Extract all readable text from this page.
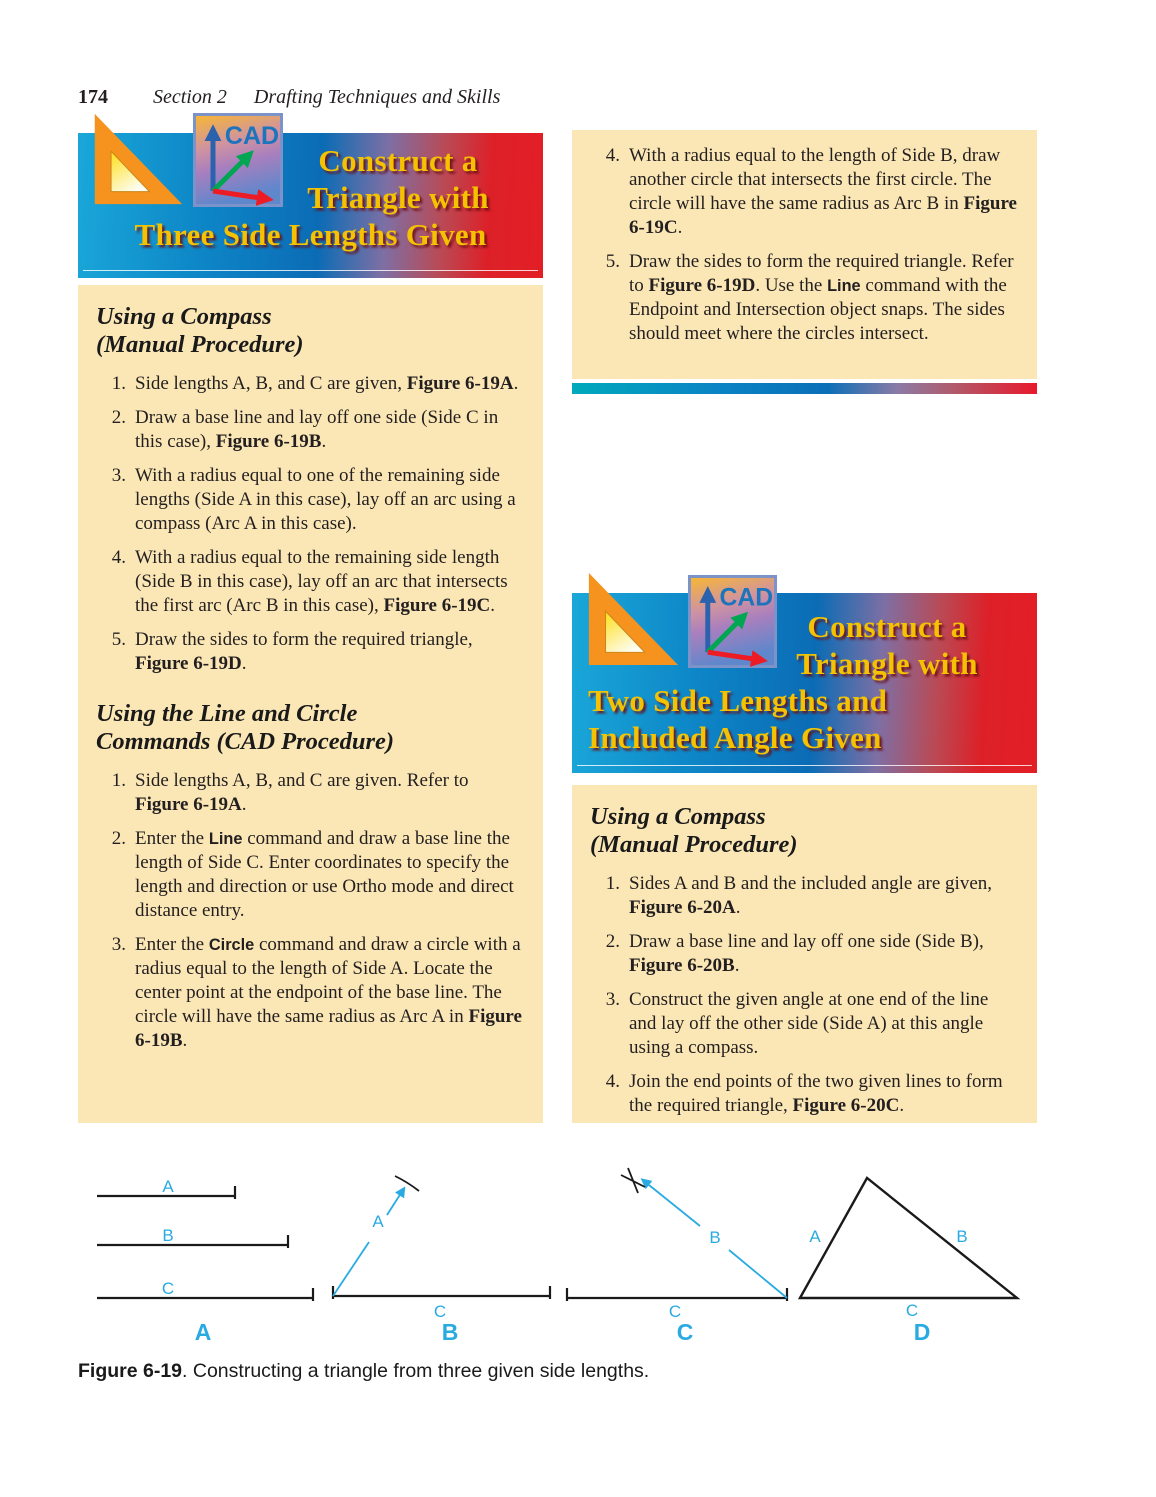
174 Section 2 Drafting Techniques and Skills
Construct a
Triangle with
Three Side Lengths Given
CAD
Using a Compass
(Manual Procedure)
1. Side lengths A, B, and C are given, Figure 6-19A.
2. Draw a base line and lay off one side (Side C in this case), Figure 6-19B.
3. With a radius equal to one of the remaining side lengths (Side A in this case), lay off an arc using a compass (Arc A in this case).
4. With a radius equal to the remaining side length (Side B in this case), lay off an arc that intersects the first arc (Arc B in this case), Figure 6-19C.
5. Draw the sides to form the required triangle, Figure 6-19D.
Using the Line and Circle
Commands (CAD Procedure)
1. Side lengths A, B, and C are given. Refer to Figure 6-19A.
2. Enter the Line command and draw a base line the length of Side C. Enter coordinates to specify the length and direction or use Ortho mode and direct distance entry.
3. Enter the Circle command and draw a circle with a radius equal to the length of Side A. Locate the center point at the endpoint of the base line. The circle will have the same radius as Arc A in Figure 6-19B.
4. With a radius equal to the length of Side B, draw another circle that intersects the first circle. The circle will have the same radius as Arc B in Figure 6-19C.
5. Draw the sides to form the required triangle. Refer to Figure 6-19D. Use the Line command with the Endpoint and Intersection object snaps. The sides should meet where the circles intersect.
Construct a
Triangle with
Two Side Lengths and
Included Angle Given
CAD
Using a Compass
(Manual Procedure)
1. Sides A and B and the included angle are given, Figure 6-20A.
2. Draw a base line and lay off one side (Side B), Figure 6-20B.
3. Construct the given angle at one end of the line and lay off the other side (Side A) at this angle using a compass.
4. Join the end points of the two given lines to form the required triangle, Figure 6-20C.
A
B
C
A
A
C
B
B
C
C
A	B
C
D
Figure 6-19. Constructing a triangle from three given side lengths.
